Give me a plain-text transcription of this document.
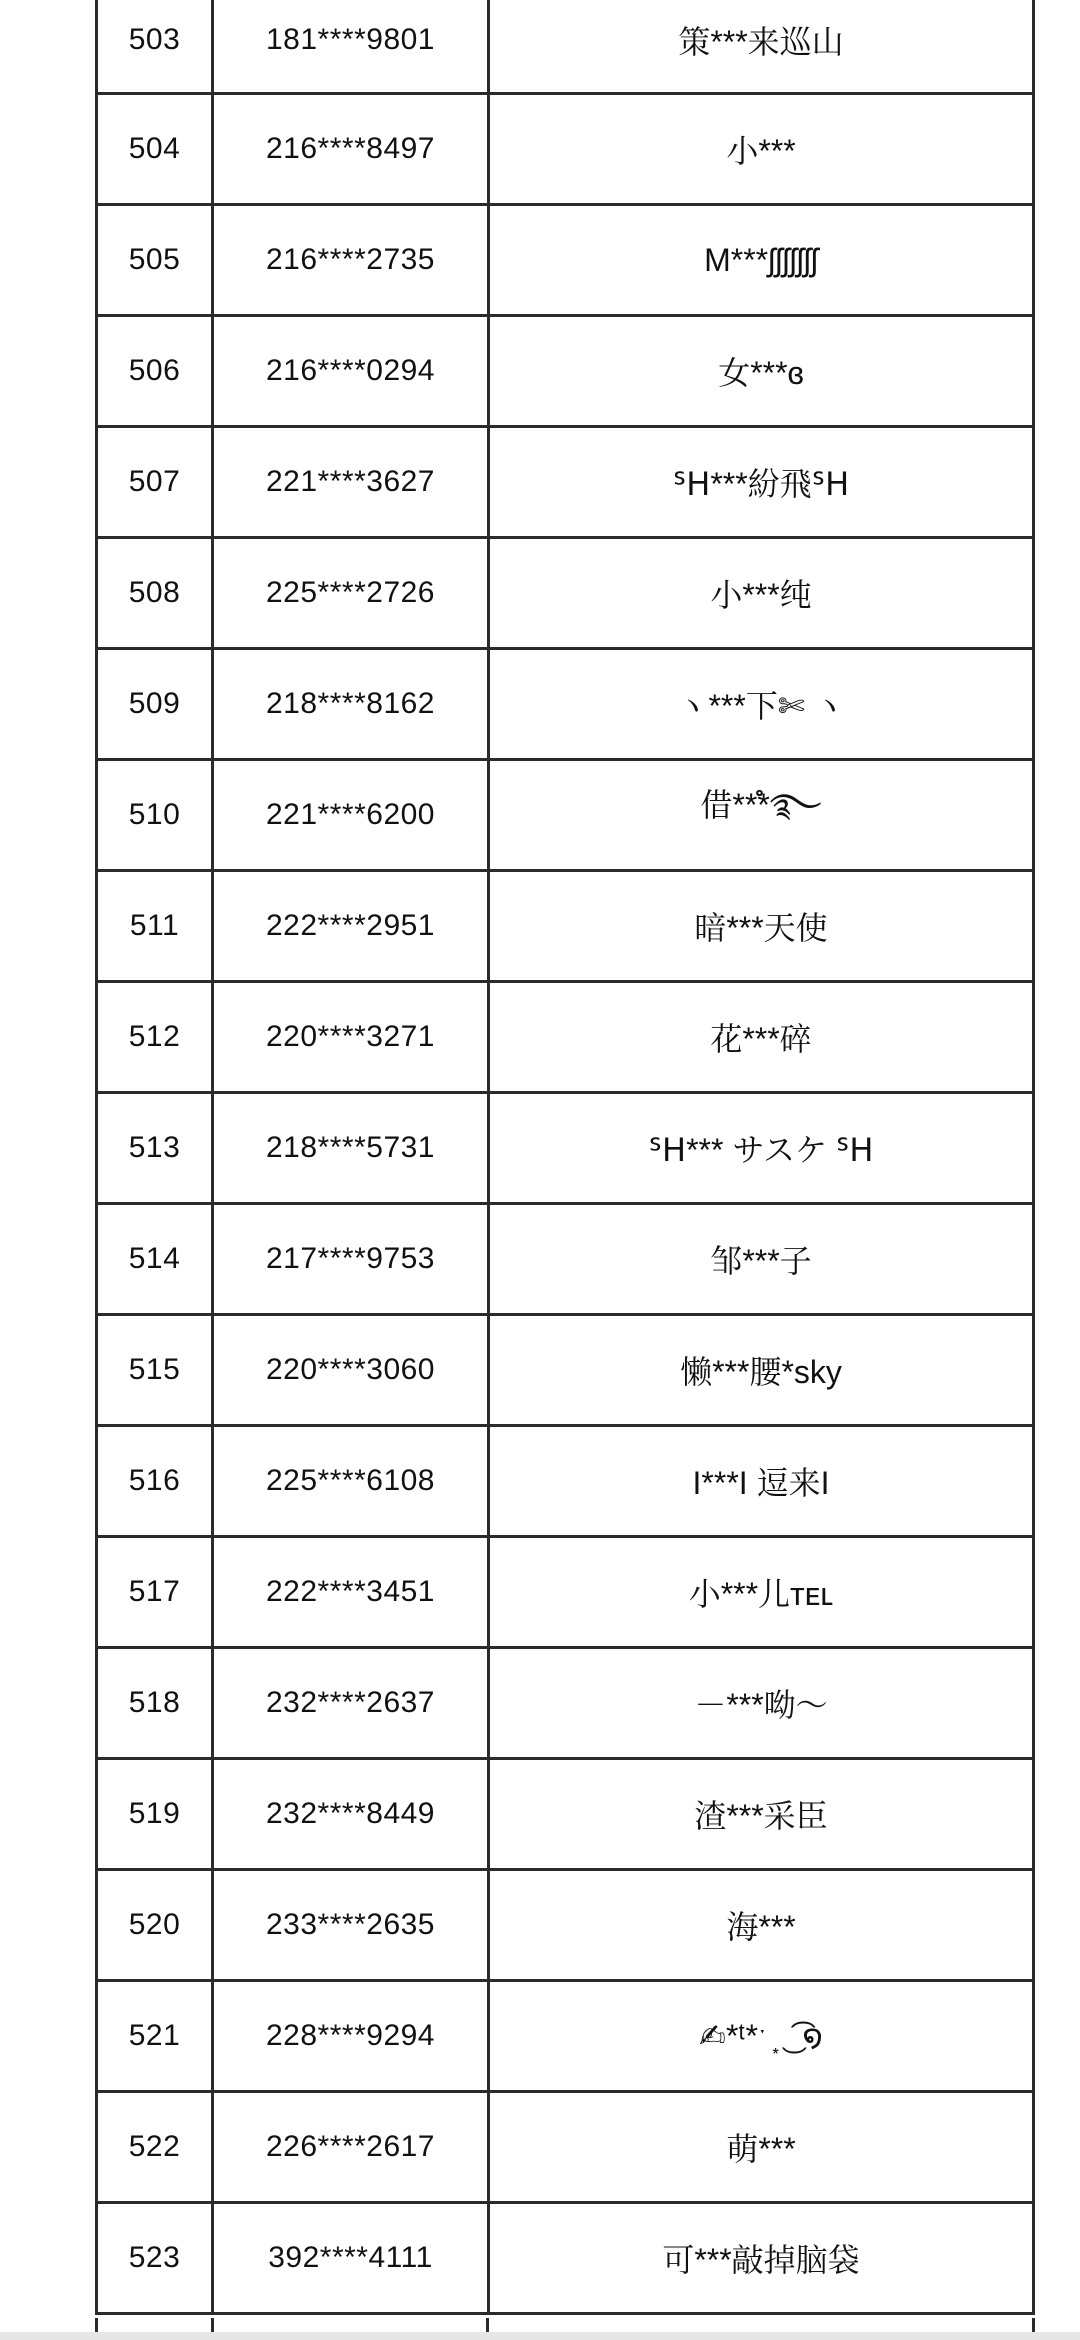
503	181****9801	策***来巡山
504	216****8497	小***
505	216****2735	M***ʃʃʃʃʃʃʃ
506	216****0294	女***ɞ
507	221****3627	ᔆᕼ***紛飛ᔆᕼ
508	225****2726	小***纯
509	218****8162	ヽ***下✄ ヽ
510	221****6200	借***ໍ࿐
511	222****2951	暗***天使
512	220****3271	花***碎
513	218****5731	ᔆᕼ*** サスケ ᔆᕼ
514	217****9753	邹***子
515	220****3060	懒***腰*sky
516	225****6108	I***I 逗来I
517	222****3451	小***儿ᴛᴇʟ
518	232****2637	－***呦～
519	232****8449	渣***采臣
520	233****2635	海***
521	228****9294	✍*ᵗ*ˑ ͙ ͜ ͡ ໑
522	226****2617	萌***
523	392****4111	可***敲掉脑袋
